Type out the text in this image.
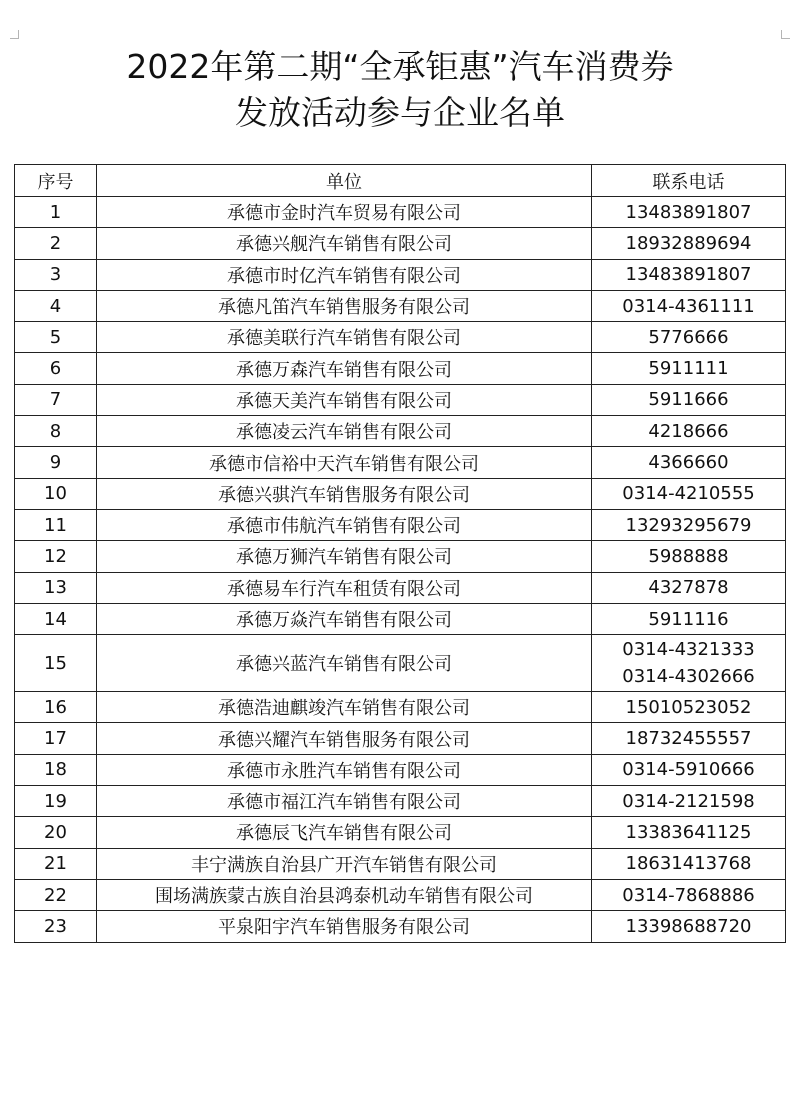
2022年第二期“全承钜惠”汽车消费券
发放活动参与企业名单
序号	单位	联系电话
1	承德市金时汽车贸易有限公司	13483891807

2	承德兴舰汽车销售有限公司	18932889694

3	承德市时亿汽车销售有限公司	13483891807

4	承德凡笛汽车销售服务有限公司	0314-4361111

5	承德美联行汽车销售有限公司	5776666

6	承德万森汽车销售有限公司	5911111

7	承德天美汽车销售有限公司	5911666

8	承德凌云汽车销售有限公司	4218666

9	承德市信裕中天汽车销售有限公司	4366660

10	承德兴骐汽车销售服务有限公司	0314-4210555

11	承德市伟航汽车销售有限公司	13293295679

12	承德万狮汽车销售有限公司	5988888

13	承德易车行汽车租赁有限公司	4327878

14	承德万焱汽车销售有限公司	5911116

15	承德兴蓝汽车销售有限公司	0314-4321333
0314-4302666

16	承德浩迪麒竣汽车销售有限公司	15010523052

17	承德兴耀汽车销售服务有限公司	18732455557

18	承德市永胜汽车销售有限公司	0314-5910666

19	承德市福江汽车销售有限公司	0314-2121598

20	承德辰飞汽车销售有限公司	13383641125

21	丰宁满族自治县广开汽车销售有限公司	18631413768

22	围场满族蒙古族自治县鸿泰机动车销售有限公司	0314-7868886

23	平泉阳宇汽车销售服务有限公司	13398688720
